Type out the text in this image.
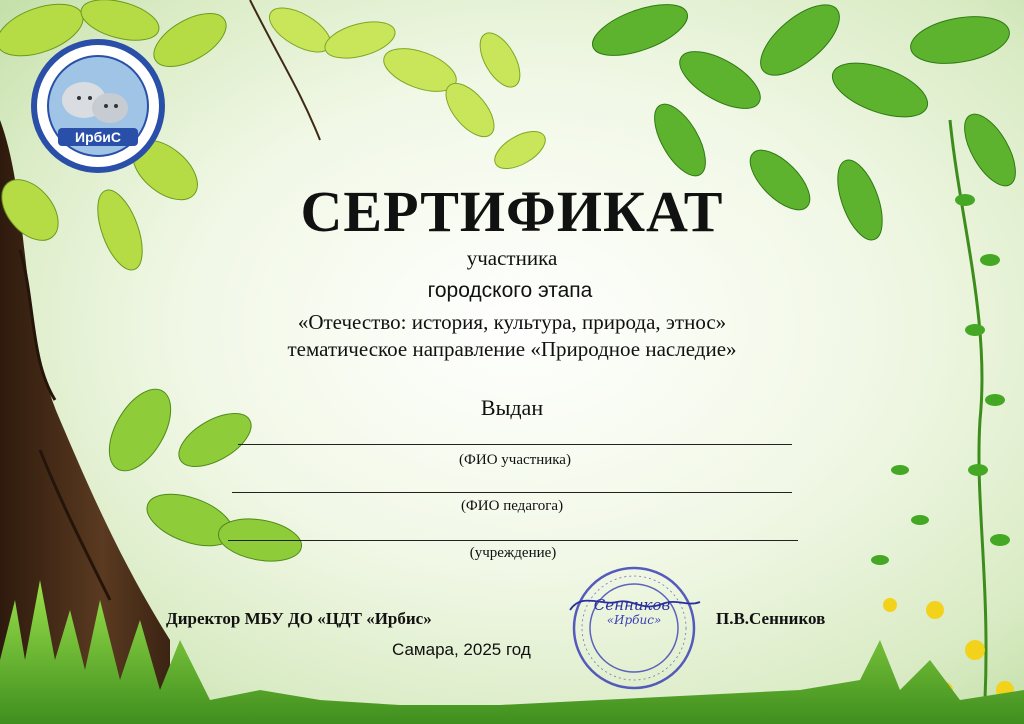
ИрбиС
СЕРТИФИКАТ
участника
городского этапа
«Отечество: история, культура, природа, этнос»
тематическое направление «Природное наследие»
Выдан
(ФИО участника)
(ФИО педагога)
(учреждение)
«Ирбис»
Сенников
Директор МБУ ДО «ЦДТ «Ирбис»	П.В.Сенников
Самара, 2025 год
